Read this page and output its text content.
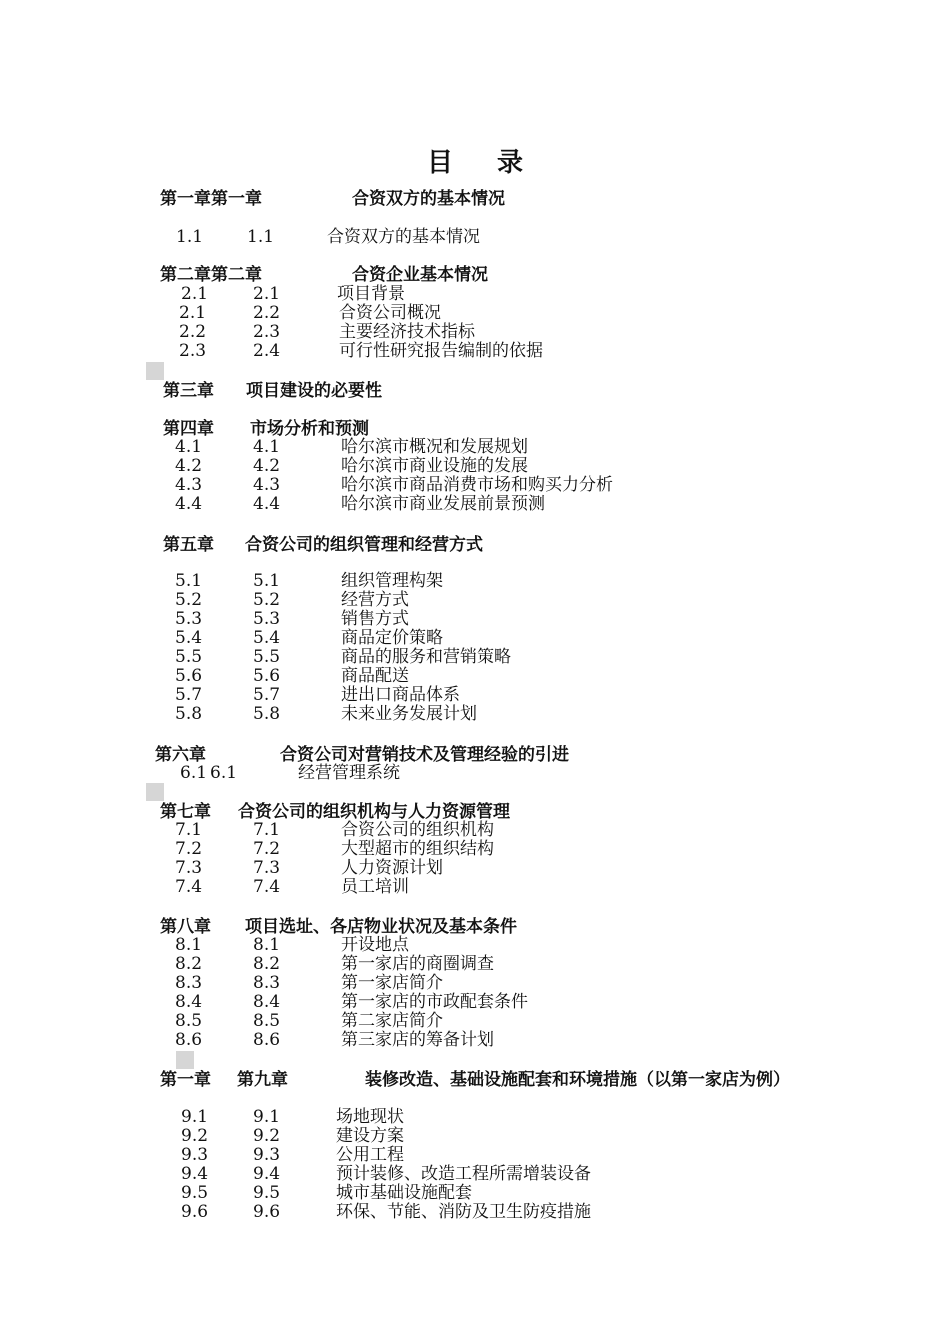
目 录
第一章第一章	合资双方的基本情况
1.1	1.1	合资双方的基本情况
第二章第二章	合资企业基本情况
2.1	2.1	项目背景
2.1	2.2	合资公司概况
2.2	2.3	主要经济技术指标
2.3	2.4	可行性研究报告编制的依据
第三章 项目建设的必要性
第四章 市场分析和预测
4.1	4.1	哈尔滨市概况和发展规划
4.2	4.2	哈尔滨市商业设施的发展
4.3	4.3	哈尔滨市商品消费市场和购买力分析
4.4	4.4	哈尔滨市商业发展前景预测
第五章 合资公司的组织管理和经营方式
5.1	5.1	组织管理构架
5.2	5.2	经营方式
5.3	5.3	销售方式
5.4	5.4	商品定价策略
5.5	5.5	商品的服务和营销策略
5.6	5.6	商品配送
5.7	5.7	进出口商品体系
5.8	5.8	未来业务发展计划
第六章	合资公司对营销技术及管理经验的引进
6.1 6.1	经营管理系统
第七章 合资公司的组织机构与人力资源管理
7.1	7.1	合资公司的组织机构
7.2	7.2	大型超市的组织结构
7.3	7.3	人力资源计划
7.4	7.4	员工培训
第八章 项目选址、各店物业状况及基本条件
8.1	8.1	开设地点
8.2	8.2	第一家店的商圈调查
8.3	8.3	第一家店简介
8.4	8.4	第一家店的市政配套条件
8.5	8.5	第二家店简介
8.6	8.6	第三家店的筹备计划
第一章 第九章	装修改造、基础设施配套和环境措施（以第一家店为例）
9.1	9.1	场地现状
9.2	9.2	建设方案
9.3	9.3	公用工程
9.4	9.4	预计装修、改造工程所需增装设备
9.5	9.5	城市基础设施配套
9.6	9.6	环保、节能、消防及卫生防疫措施
